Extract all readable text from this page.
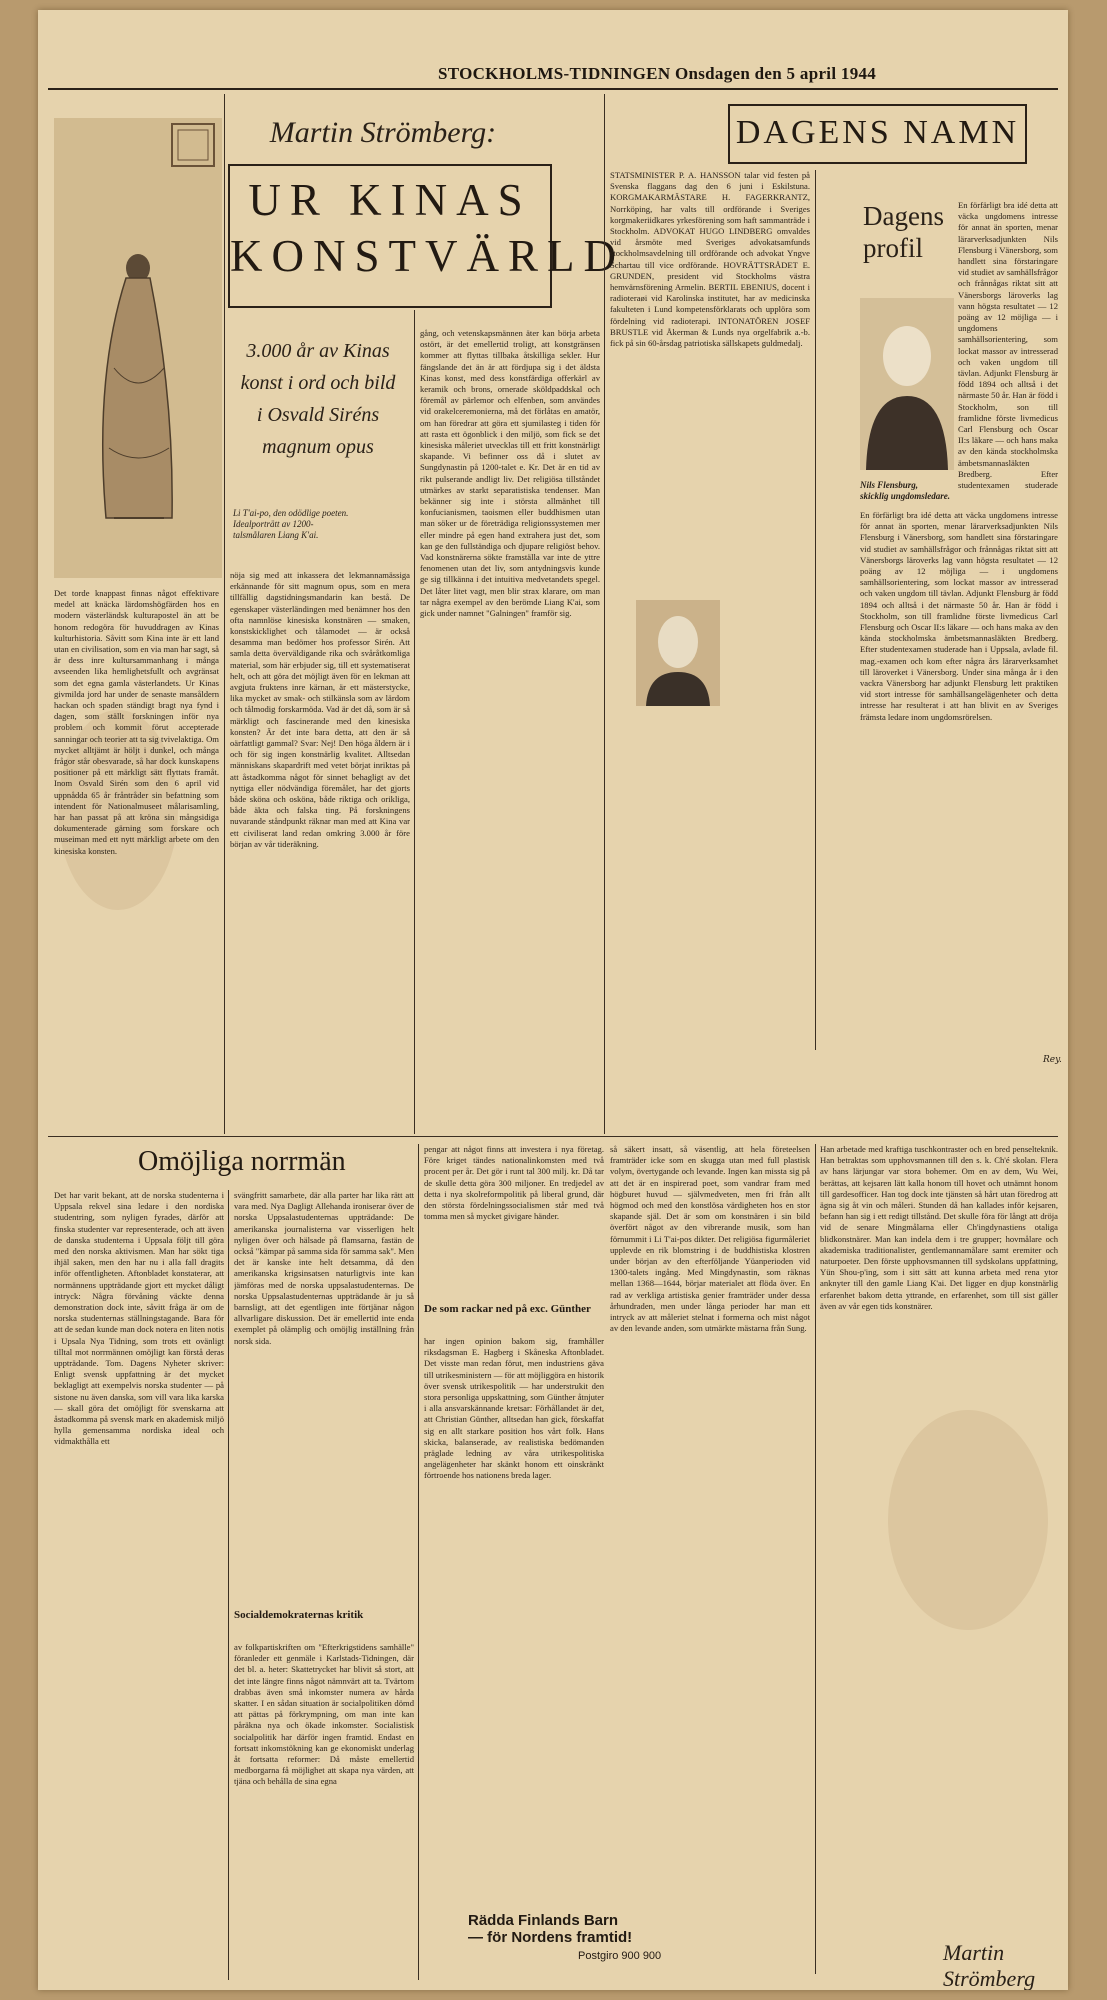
STOCKHOLMS-TIDNINGEN Onsdagen den 5 april 1944
Martin Strömberg:
UR KINAS
KONSTVÄRLD
3.000 år av Kinas
konst i ord och bild
i Osvald Siréns
magnum opus
Li T'ai-po, den odödlige poeten. Idealporträtt av 1200-talsmålaren Liang K'ai.
Det torde knappast finnas något effektivare medel att knäcka lärdomshögfärden hos en modern västerländsk kulturapostel än att be honom redogöra för huvuddragen av Kinas kulturhistoria. Såvitt som Kina inte är ett land utan en civilisation, som en via man har sagt, så är dess inre kultursammanhang i många avseenden lika hemlighetsfullt och avgränsat som det egna gamla västerlandets. Ur Kinas givmilda jord har under de senaste mansåldern hackan och spaden ständigt bragt nya fynd i dagen, som ställt forskningen inför nya problem och kommit förut accepterade sanningar och teorier att ta sig tvivelaktiga. Om mycket alltjämt är höljt i dunkel, och många frågor står obesvarade, så har dock kunskapens positioner på ett märkligt sätt flyttats framåt. Inom Osvald Sirén som den 6 april vid uppnådda 65 år fråntråder sin befattning som intendent för Nationalmuseet målarisamling, har han passat på att kröna sin mångsidiga dokumenterade gärning som forskare och museiman med ett nytt märkligt arbete om den kinesiska konsten.
nöja sig med att inkassera det lekmannamässiga erkännande för sitt magnum opus, som en mera tillfällig dagstidningsmandarin kan bestå. De egenskaper västerländingen med benämner hos den ofta namnlöse kinesiska konstnären — smaken, konstskicklighet och tålamodet — är också desamma man bedömer hos professor Sirén. Att samla detta överväldigande rika och svåråtkomliga material, som här erbjuder sig, till ett systematiserat helt, och att göra det möjligt även för en lekman att avgjuta fruktens inre kärnan, är ett mästerstycke, lika mycket av smak- och stilkänsla som av lärdom och tålmodig forskarmöda. Vad är det då, som är så märkligt och fascinerande med den kinesiska konsten? Är det inte bara detta, att den är så oärfattligt gammal? Svar: Nej! Den höga åldern är i och för sig ingen konstnärlig kvalitet. Alltsedan människans skapardrift med vetet börjat inriktas på att åstadkomma något för sinnet behagligt av det nyttiga eller nödvändiga föremålet, har det gjorts både sköna och osköna, både riktiga och orikliga, både äkta och falska ting. På forskningens nuvarande ståndpunkt räknar man med att Kina var ett civiliserat land redan omkring 3.000 år före början av vår tideräkning.
gång, och vetenskapsmännen äter kan börja arbeta ostört, är det emellertid troligt, att konstgränsen kommer att flyttas tillbaka åtskilliga sekler. Hur fängslande det än är att fördjupa sig i det äldsta Kinas konst, med dess konstfärdiga offerkärl av keramik och brons, ornerade sköldpaddskal och föremål av pärlemor och elfenben, som användes vid orakelceremonierna, må det förlåtas en amatör, om han föredrar att göra ett sjumilasteg i tiden för att rasta ett ögonblick i den miljö, som fick se det kinesiska måleriet utvecklas till ett fritt konstnärligt skapande. Vi befinner oss då i slutet av Sungdynastin på 1200-talet e. Kr. Det är en tid av rikt pulserande andligt liv. Det religiösa tillståndet utmärkes av starkt separatistiska tendenser. Man bekänner sig inte i största allmänhet till konfucianismen, taoismen eller buddhismen utan man söker ur de företrädiga religionssystemen mer eller mindre på egen hand extrahera just det, som kan ge den fullständiga och djupare religiöst behov. Vad konstnärerna sökte framställa var inte de yttre fenomenen utan det liv, som antydningsvis kunde ge sig tillkänna i det intuitiva medvetandets spegel. Det låter litet vagt, men blir strax klarare, om man tar några exempel av den berömde Liang K'ai, som gick under namnet "Galningen" framför sig.
DAGENS NAMN
STATSMINISTER P. A. HANSSON talar vid festen på Svenska flaggans dag den 6 juni i Eskilstuna. KORGMAKARMÄSTARE H. FAGERKRANTZ, Norrköping, har valts till ordförande i Sveriges korgmakeriidkares yrkesförening som haft sammanträde i Stockholm. ADVOKAT HUGO LINDBERG omvaldes vid årsmöte med Sveriges advokatsamfunds stockholmsavdelning till ordförande och advokat Yngve Schartau till vice ordförande. HOVRÄTTSRÅDET E. GRUNDEN, president vid Stockholms västra hemvärnsförening Armelin. BERTIL EBENIUS, docent i radioteraøi vid Karolinska institutet, har av medicinska fakulteten i Lund kompetensförklarats och upplöra som fördelning vid radioterapi. INTONATÖREN JOSEF BRUSTLE vid Åkerman & Lunds nya orgelfabrik a.-b. fick på sin 60-årsdag patriotiska sällskapets guldmedalj.
Dagens
profil
Nils Flensburg,
skicklig ungdomsledare.
En förfärligt bra idé detta att väcka ungdomens intresse för annat än sporten, menar lärarverksadjunkten Nils Flensburg i Vänersborg, som handlett sina förstaringare vid studiet av samhällsfrågor och frånnågas riktat sitt att Vänersborgs läroverks lag vann högsta resultatet — 12 poäng av 12 möjliga — i ungdomens samhällsorientering, som lockat massor av intresserad och vaken ungdom till tävlan. Adjunkt Flensburg är född 1894 och alltså i det närmaste 50 år. Han är född i Stockholm, son till framlidne förste livmedicus Carl Flensburg och Oscar II:s läkare — och hans maka av den kända stockholmska ämbetsmannasläkten Bredberg. Efter studentexamen studerade
En förfärligt bra idé detta att väcka ungdomens intresse för annat än sporten, menar lärarverksadjunkten Nils Flensburg i Vänersborg, som handlett sina förstaringare vid studiet av samhällsfrågor och frånnågas riktat sitt att Vänersborgs läroverks lag vann högsta resultatet — 12 poäng av 12 möjliga — i ungdomens samhällsorientering, som lockat massor av intresserad och vaken ungdom till tävlan. Adjunkt Flensburg är född 1894 och alltså i det närmaste 50 år. Han är född i Stockholm, son till framlidne förste livmedicus Carl Flensburg och Oscar II:s läkare — och hans maka av den kända stockholmska ämbetsmannasläkten Bredberg. Efter studentexamen studerade han i Uppsala, avlade fil. mag.-examen och kom efter några års lärarverksamhet till läroverket i Vänersborg. Under sina många år i den vackra Vänersborg har adjunkt Flensburg lett praktiken vid stort intresse för samhällsangelägenheter och detta intresse har resulterat i att han blivit en av Sveriges främsta ledare inom ungdomsrörelsen.
Rey.
så säkert insatt, så väsentlig, att hela företeelsen framträder icke som en skugga utan med full plastisk volym, övertygande och levande. Ingen kan missta sig på att det är en inspirerad poet, som vandrar fram med högburet huvud — självmedveten, men fri från allt högmod och med den konstlösa värdigheten hos en stor skapande själ. Det är som om konstnären i sin bild överfört något av den vibrerande musik, som han förnummit i Li T'ai-pos dikter. Det religiösa figurmåleriet upplevde en rik blomstring i de buddhistiska klostren under början av den efterföljande Yüanperioden vid 1300-talets ingång. Med Mingdynastin, som räknas mellan 1368—1644, börjar materialet att flöda över. En rad av verkliga artistiska genier framträder under dessa århundraden, men under långa perioder har man ett intryck av att måleriet stelnat i formerna och mist något av den levande anden, som utmärkte mästarna från Sung.
Han arbetade med kraftiga tuschkontraster och en bred penselteknik. Han betraktas som upphovsmannen till den s. k. Ch'é skolan. Flera av hans lärjungar var stora bohemer. Om en av dem, Wu Wei, berättas, att kejsaren lätt kalla honom till hovet och utnämnt honom till gardesofficer. Han tog dock inte tjänsten så hårt utan föredrog att ägna sig åt vin och måleri. Stunden då han kallades inför kejsaren, befann han sig i ett redigt tillstånd. Det skulle föra för långt att dröja vid de senare Mingmålarna eller Ch'ingdynastiens otaliga blidkonstnärer. Man kan indela dem i tre grupper; hovmålare och akademiska traditionalister, gentlemannamålare samt eremiter och naturpoeter. Den förste upphovsmannen till sydskolans uppfattning, Yün Shou-p'ing, som i sitt sätt att kunna arbeta med rena ytor anknyter till den gamle Liang K'ai. Det ligger en djup konstnärlig erfarenhet bakom detta yttrande, en erfarenhet, som till sist gäller även av vår egen tids konstnärer.
Martin Strömberg
Omöjliga norrmän
Det har varit bekant, att de norska studenterna i Uppsala rekvel sina ledare i den nordiska studentring, som nyligen fyrades, därför att finska studenter var representerade, och att även de danska studenterna i Uppsala följt till göra med den norska aktivismen. Man har sökt tiga ihjäl saken, men den har nu i alla fall dragits inför offentligheten. Aftonbladet konstaterar, att normännens uppträdande gjort ett mycket dåligt intryck: Några förvåning väckte denna demonstration dock inte, såvitt fråga är om de norska studenternas ställningstagande. Bara för att de sedan kunde man dock notera en liten notis i Upsala Nya Tidning, som trots ett ovänligt tilltal mot norrmännen omöjligt kan förstå deras uppträdande. Tom. Dagens Nyheter skriver: Enligt svensk uppfattning är det mycket beklagligt att exempelvis norska studenter — på sistone nu även danska, som vill vara lika karska — skall göra det omöjligt för svenskarna att åstadkomma på svensk mark en akademisk miljö hylla gemensamma nordiska ideal och vidmakthålla ett
svängfritt samarbete, där alla parter har lika rätt att vara med. Nya Dagligt Allehanda ironiserar över de norska Uppsalastudenternas uppträdande: De amerikanska journalisterna var visserligen helt nyligen över och hälsade på flamsarna, fastän de också "kämpar på samma sida för samma sak". Men det är kanske inte helt detsamma, då den amerikanska krigsinsatsen naturligtvis inte kan jämföras med de norska uppsalastudenternas. De norska Uppsalastudenternas uppträdande är ju så barnsligt, att det egentligen inte förtjänar någon allvarligare diskussion. Det är emellertid inte enda exemplet på olämplig och omöjlig inställning från norsk sida.
Socialdemokraternas kritik
av folkpartiskriften om "Efterkrigstidens samhälle" föranleder ett genmäle i Karlstads-Tidningen, där det bl. a. heter: Skattetrycket har blivit så stort, att det inte längre finns något nämnvärt att ta. Tvärtom drabbas även små inkomster numera av hårda skatter. I en sådan situation är socialpolitiken dömd att pättas på förkrympning, om man inte kan påräkna nya och ökade inkomster. Socialistisk socialpolitik har därför ingen framtid. Endast en fortsatt inkomstökning kan ge ekonomiskt underlag åt fortsatta reformer: Då måste emellertid medborgarna få möjlighet att skapa nya värden, att tjäna och behålla de sina egna
pengar att något finns att investera i nya företag. Före kriget tändes nationalinkomsten med två procent per år. Det gör i runt tal 300 milj. kr. Då tar de skulle detta göra 300 miljoner. En tredjedel av detta i nya skolreformpolitik på liberal grund, där den största fördelningssocialismen står med två tomma men så mycket givigare händer.
De som rackar ned på exc. Günther
har ingen opinion bakom sig, framhåller riksdagsman E. Hagberg i Skåneska Aftonbladet. Det visste man redan förut, men industriens gäva till utrikesministern — för att möjliggöra en historik över svensk utrikespolitik — har understrukit den stora personliga uppskattning, som Günther åtnjuter i alla ansvarskännande kretsar: Förhållandet är det, att Christian Günther, alltsedan han gick, förskaffat sig en allt starkare position hos vårt folk. Hans skicka, balanserade, av realistiska bedömanden präglade ledning av våra utrikespolitiska angelägenheter har skänkt honom ett oinskränkt förtroende hos nationens breda lager.
Rädda Finlands Barn
— för Nordens framtid!
Postgiro 900 900
